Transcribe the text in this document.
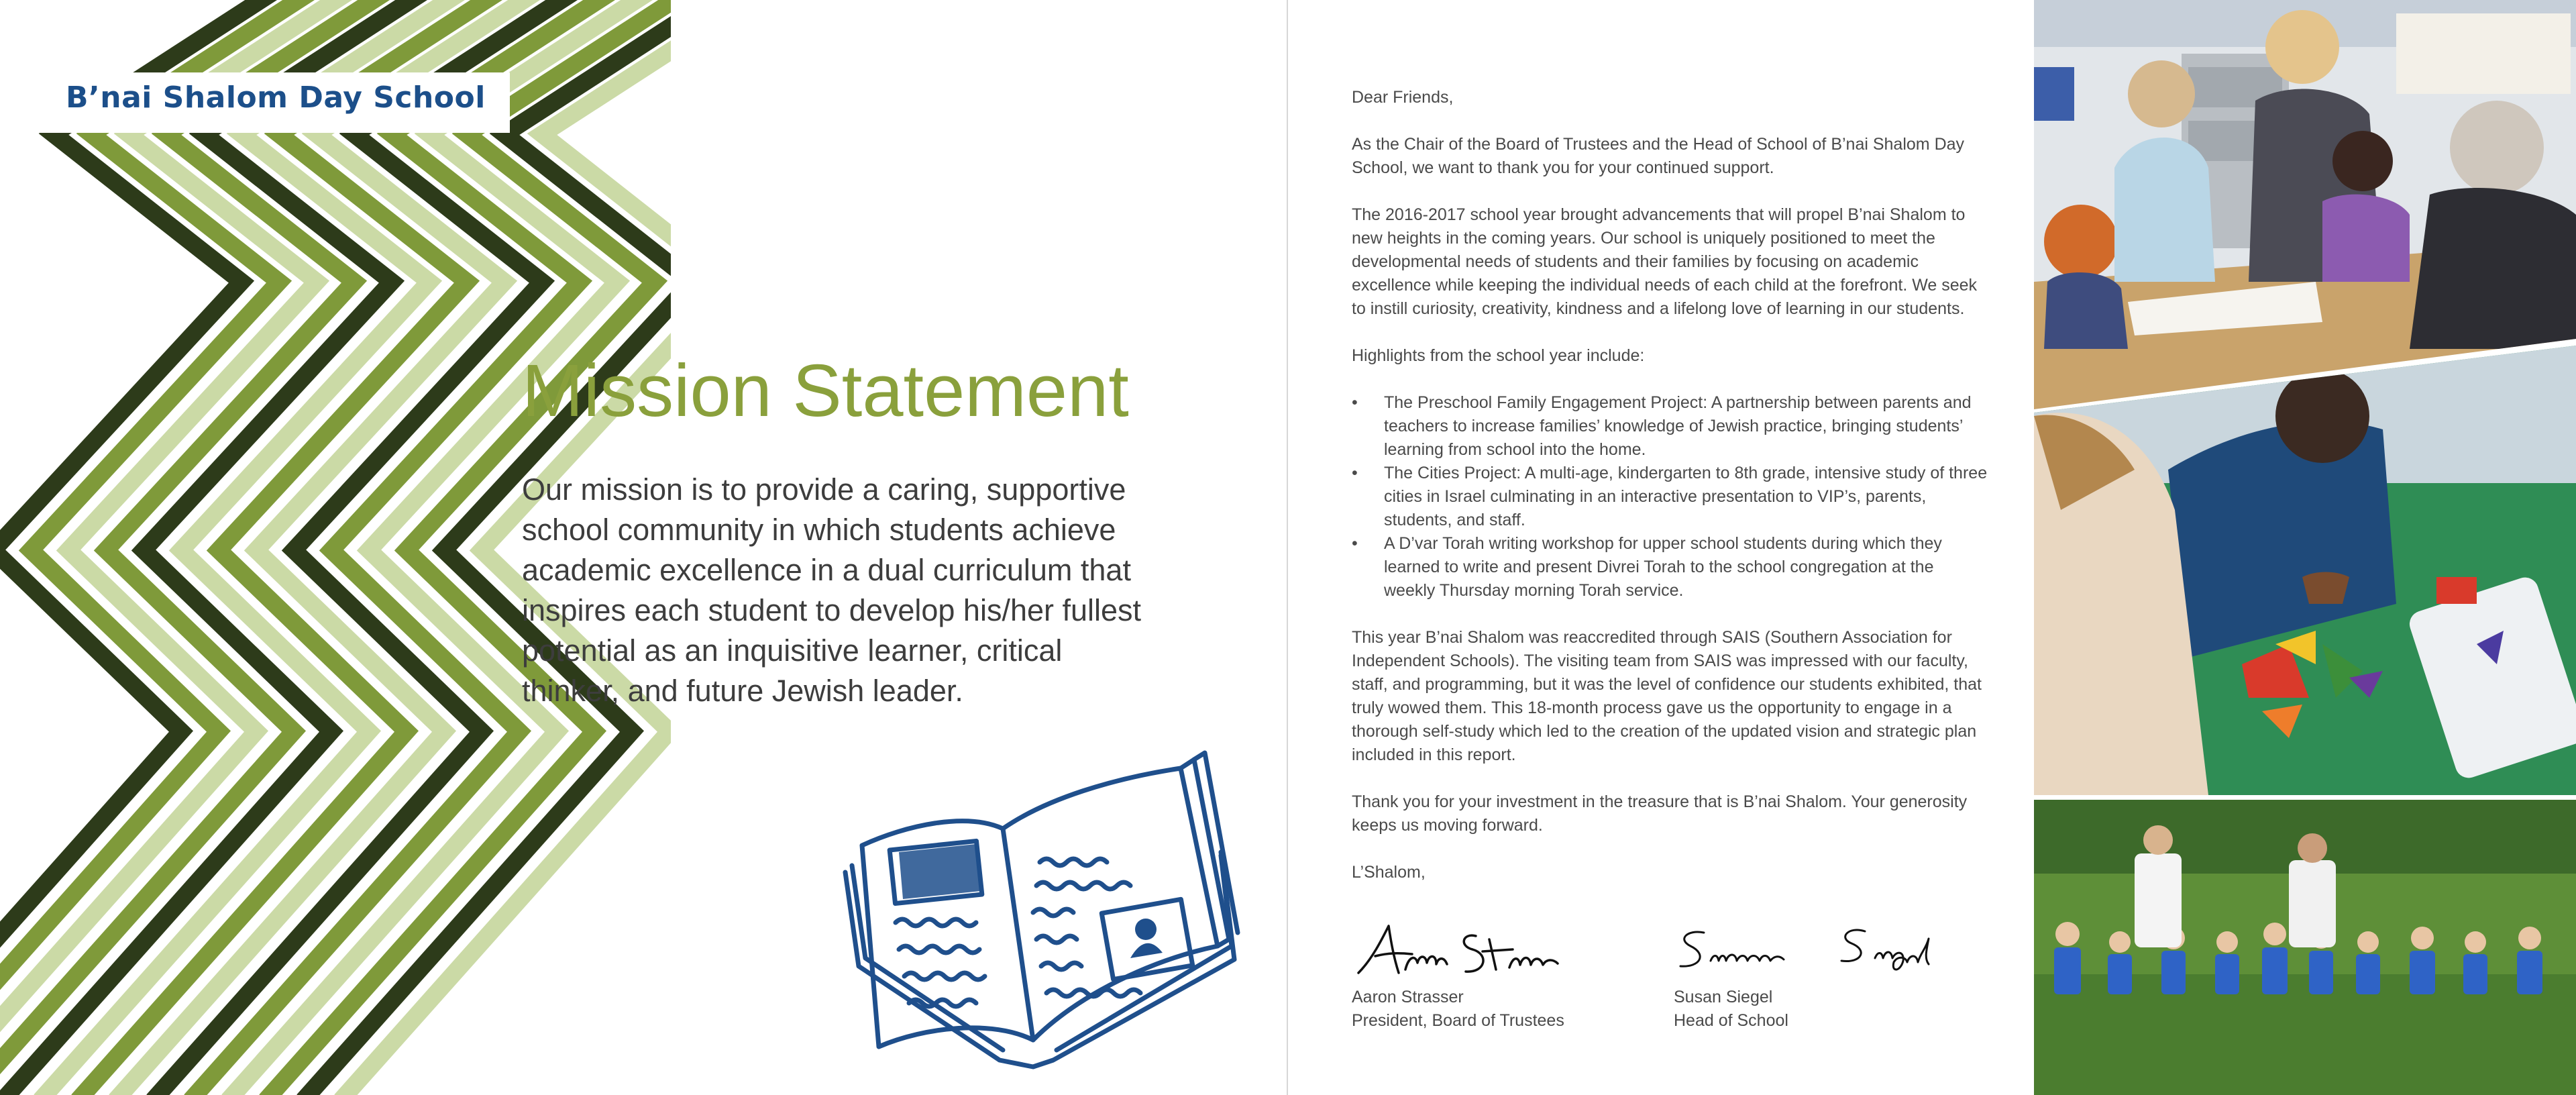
B’nai Shalom Day School
Mission Statement
Our mission is to provide a caring, supportive school community in which students achieve academic excellence in a dual curriculum that inspires each student to develop his/her fullest potential as an inquisitive learner, critical thinker, and future Jewish leader.

Dear Friends,

As the Chair of the Board of Trustees and the Head of School of B’nai Shalom Day School, we want to thank you for your continued support.

The 2016-2017 school year brought advancements that will propel B’nai Shalom to new heights in the coming years. Our school is uniquely positioned to meet the developmental needs of students and their families by focusing on academic excellence while keeping the individual needs of each child at the forefront. We seek to instill curiosity, creativity, kindness and a lifelong love of learning in our students.

Highlights from the school year include:

• The Preschool Family Engagement Project: A partnership between parents and teachers to increase families’ knowledge of Jewish practice, bringing students’ learning from school into the home.
• The Cities Project: A multi-age, kindergarten to 8th grade, intensive study of three cities in Israel culminating in an interactive presentation to VIP’s, parents, students, and staff.
• A D’var Torah writing workshop for upper school students during which they learned to write and present Divrei Torah to the school congregation at the weekly Thursday morning Torah service.

This year B’nai Shalom was reaccredited through SAIS (Southern Association for Independent Schools). The visiting team from SAIS was impressed with our faculty, staff, and programming, but it was the level of confidence our students exhibited, that truly wowed them. This 18-month process gave us the opportunity to engage in a thorough self-study which led to the creation of the updated vision and strategic plan included in this report.

Thank you for your investment in the treasure that is B’nai Shalom. Your generosity keeps us moving forward.

L’Shalom,

Aaron Strasser
President, Board of Trustees
Susan Siegel
Head of School
